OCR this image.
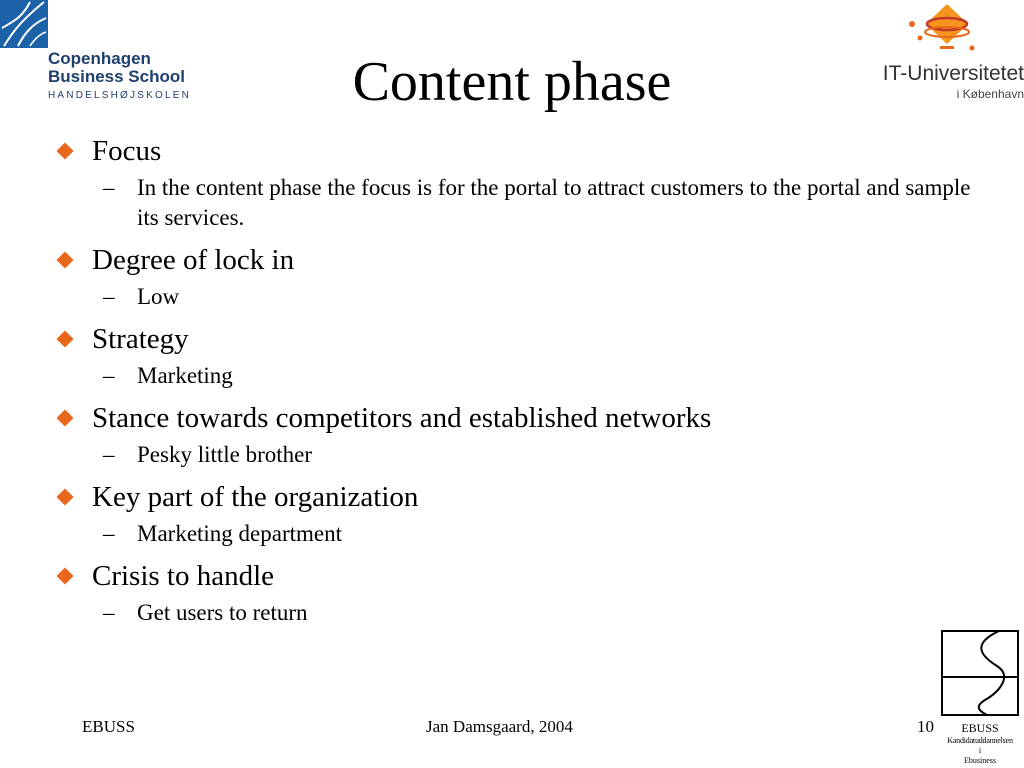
Copenhagen
Business School
HANDELSHØJSKOLEN
IT-Universitetet
i København
Content phase
Focus
– In the content phase the focus is for the portal to attract customers to the portal and sample its services.
Degree of lock in
– Low
Strategy
– Marketing
Stance towards competitors and established networks
– Pesky little brother
Key part of the organization
– Marketing department
Crisis to handle
– Get users to return
EBUSS	Jan Damsgaard, 2004	10	EBUSS
Kandidatuddannelsen
i
Ebusiness
